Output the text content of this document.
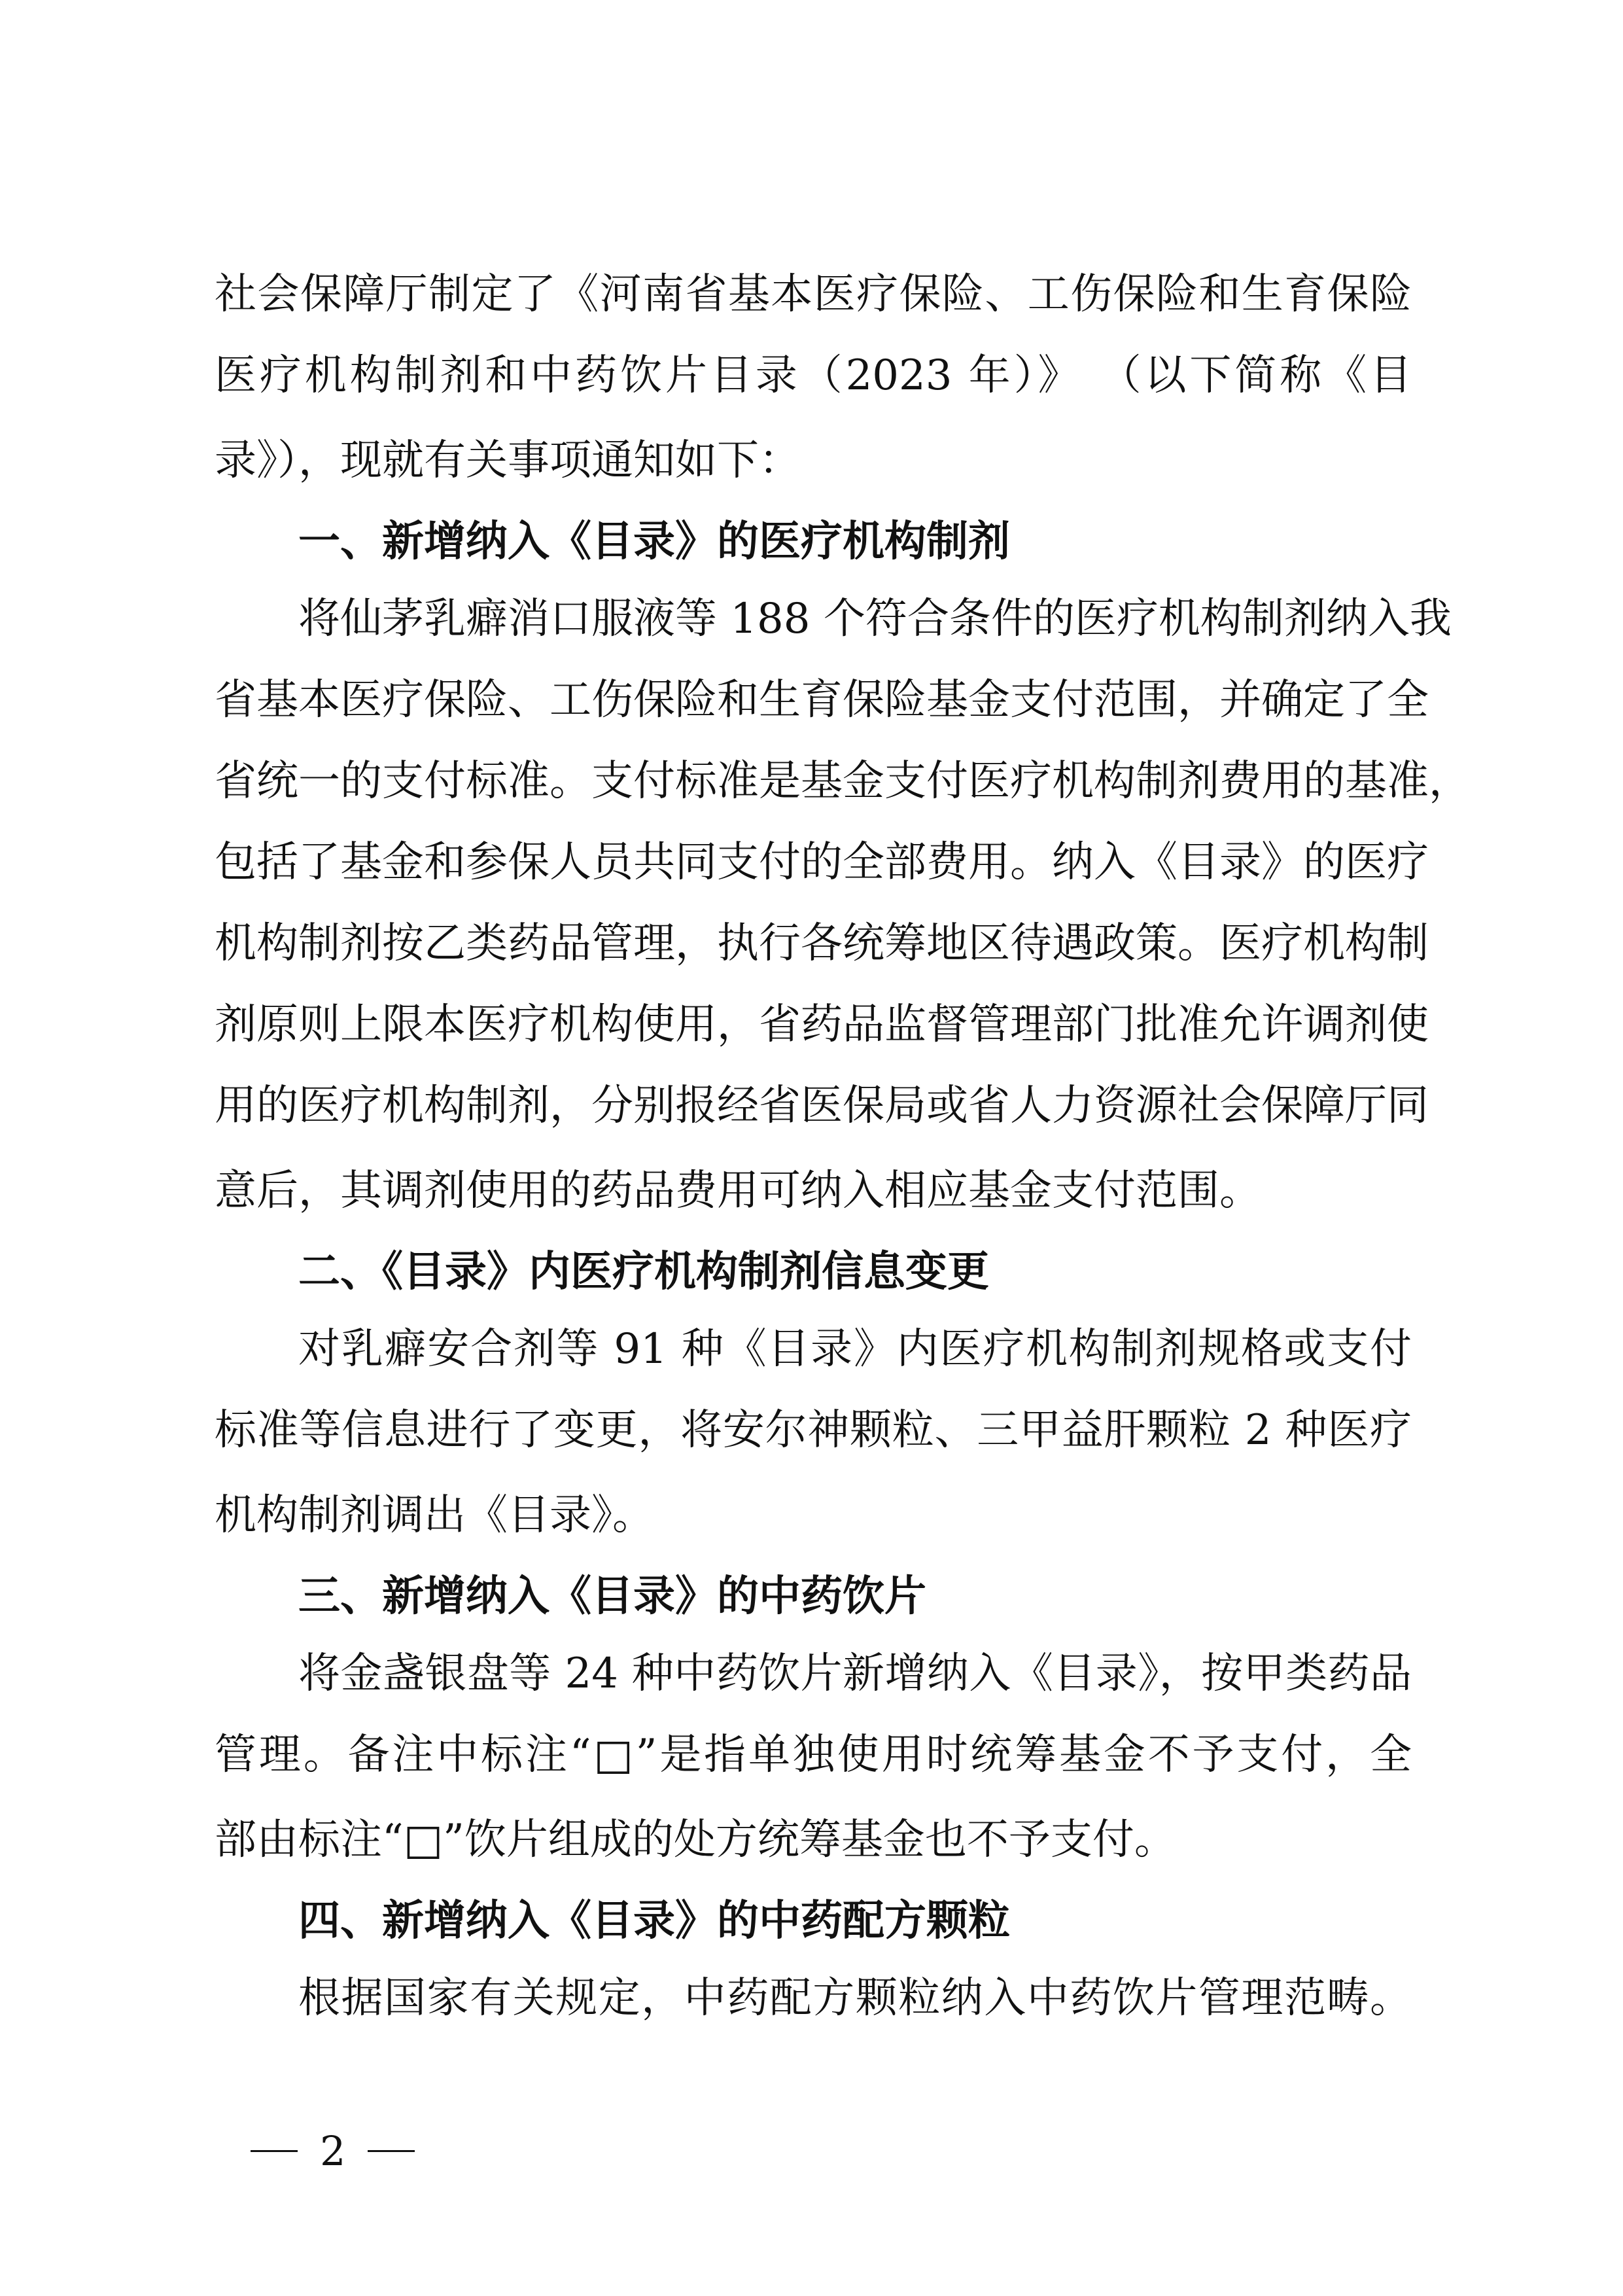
社会保障厅制定了《河南省基本医疗保险、工伤保险和生育保险
医疗机构制剂和中药饮片目录（2023 年）》 （以下简称《目
录》），现就有关事项通知如下：
一、新增纳入《目录》的医疗机构制剂
将仙茅乳癖消口服液等 188 个符合条件的医疗机构制剂纳入我
省基本医疗保险、工伤保险和生育保险基金支付范围，并确定了全
省统一的支付标准。支付标准是基金支付医疗机构制剂费用的基准，
包括了基金和参保人员共同支付的全部费用。纳入《目录》的医疗
机构制剂按乙类药品管理，执行各统筹地区待遇政策。医疗机构制
剂原则上限本医疗机构使用，省药品监督管理部门批准允许调剂使
用的医疗机构制剂，分别报经省医保局或省人力资源社会保障厅同
意后，其调剂使用的药品费用可纳入相应基金支付范围。
二、《目录》内医疗机构制剂信息变更
对乳癖安合剂等 91 种《目录》内医疗机构制剂规格或支付
标准等信息进行了变更，将安尔神颗粒、三甲益肝颗粒 2 种医疗
机构制剂调出《目录》。
三、新增纳入《目录》的中药饮片
将金盏银盘等 24 种中药饮片新增纳入《目录》，按甲类药品
管理。备注中标注“□”是指单独使用时统筹基金不予支付，全
部由标注“□”饮片组成的处方统筹基金也不予支付。
四、新增纳入《目录》的中药配方颗粒
根据国家有关规定，中药配方颗粒纳入中药饮片管理范畴。
2
